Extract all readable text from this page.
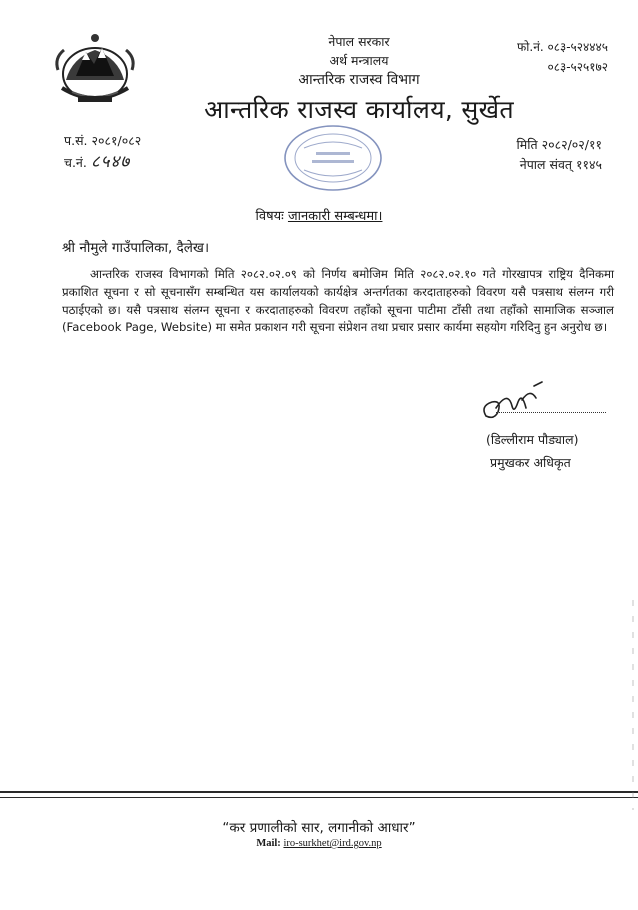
नेपाल सरकार
अर्थ मन्त्रालय
आन्तरिक राजस्व विभाग
आन्तरिक राजस्व कार्यालय, सुर्खेत
फो.नं. ०८३-५२४४४५
०८३-५२५१७२
प.सं. २०८१/०८२
च.नं. ८५४७
मिति २०८२/०२/११
नेपाल संवत् ११४५
विषयः जानकारी सम्बन्धमा।
श्री नौमुले गाउँपालिका, दैलेख।
आन्तरिक राजस्व विभागको मिति २०८२.०२.०९ को निर्णय बमोजिम मिति २०८२.०२.१० गते गोरखापत्र राष्ट्रिय दैनिकमा प्रकाशित सूचना र सो सूचनासँग सम्बन्धित यस कार्यालयको कार्यक्षेत्र अन्तर्गतका करदाताहरुको विवरण यसै पत्रसाथ संलग्न गरी पठाईएको छ। यसै पत्रसाथ संलग्न सूचना र करदाताहरुको विवरण तहाँको सूचना पाटीमा टाँसी तथा तहाँको सामाजिक सञ्जाल (Facebook Page, Website) मा समेत प्रकाशन गरी सूचना संप्रेशन तथा प्रचार प्रसार कार्यमा सहयोग गरिदिनु हुन अनुरोध छ।
(डिल्लीराम पौड्याल)
प्रमुखकर अधिकृत
“कर प्रणालीको सार, लगानीको आधार”
Mail: iro-surkhet@ird.gov.np
